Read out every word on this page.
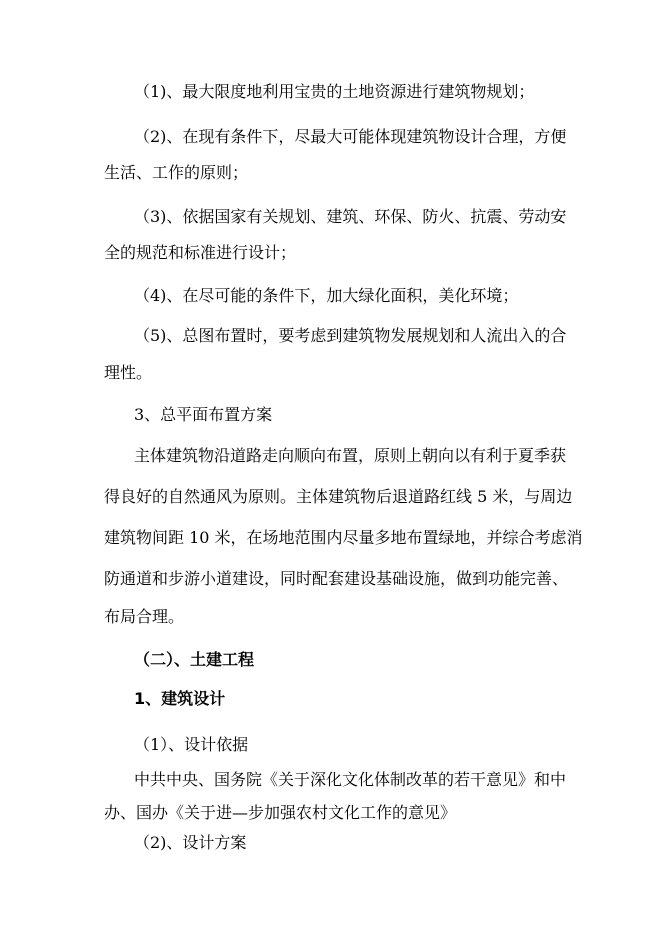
（1)、最大限度地利用宝贵的土地资源进行建筑物规划；
（2)、在现有条件下，尽最大可能体现建筑物设计合理，方便
生活、工作的原则；
（3)、依据国家有关规划、建筑、环保、防火、抗震、劳动安
全的规范和标准进行设计；
（4)、在尽可能的条件下，加大绿化面积，美化环境；
（5)、总图布置时，要考虑到建筑物发展规划和人流出入的合
理性。
3、总平面布置方案
主体建筑物沿道路走向顺向布置，原则上朝向以有利于夏季获
得良好的自然通风为原则。主体建筑物后退道路红线 5 米，与周边
建筑物间距 10 米，在场地范围内尽量多地布置绿地，并综合考虑消
防通道和步游小道建设，同时配套建设基础设施，做到功能完善、
布局合理。
（二）、土建工程
1、建筑设计
（1）、设计依据
中共中央、国务院《关于深化文化体制改革的若干意见》和中
办、国办《关于进—步加强农村文化工作的意见》
（2)、设计方案
